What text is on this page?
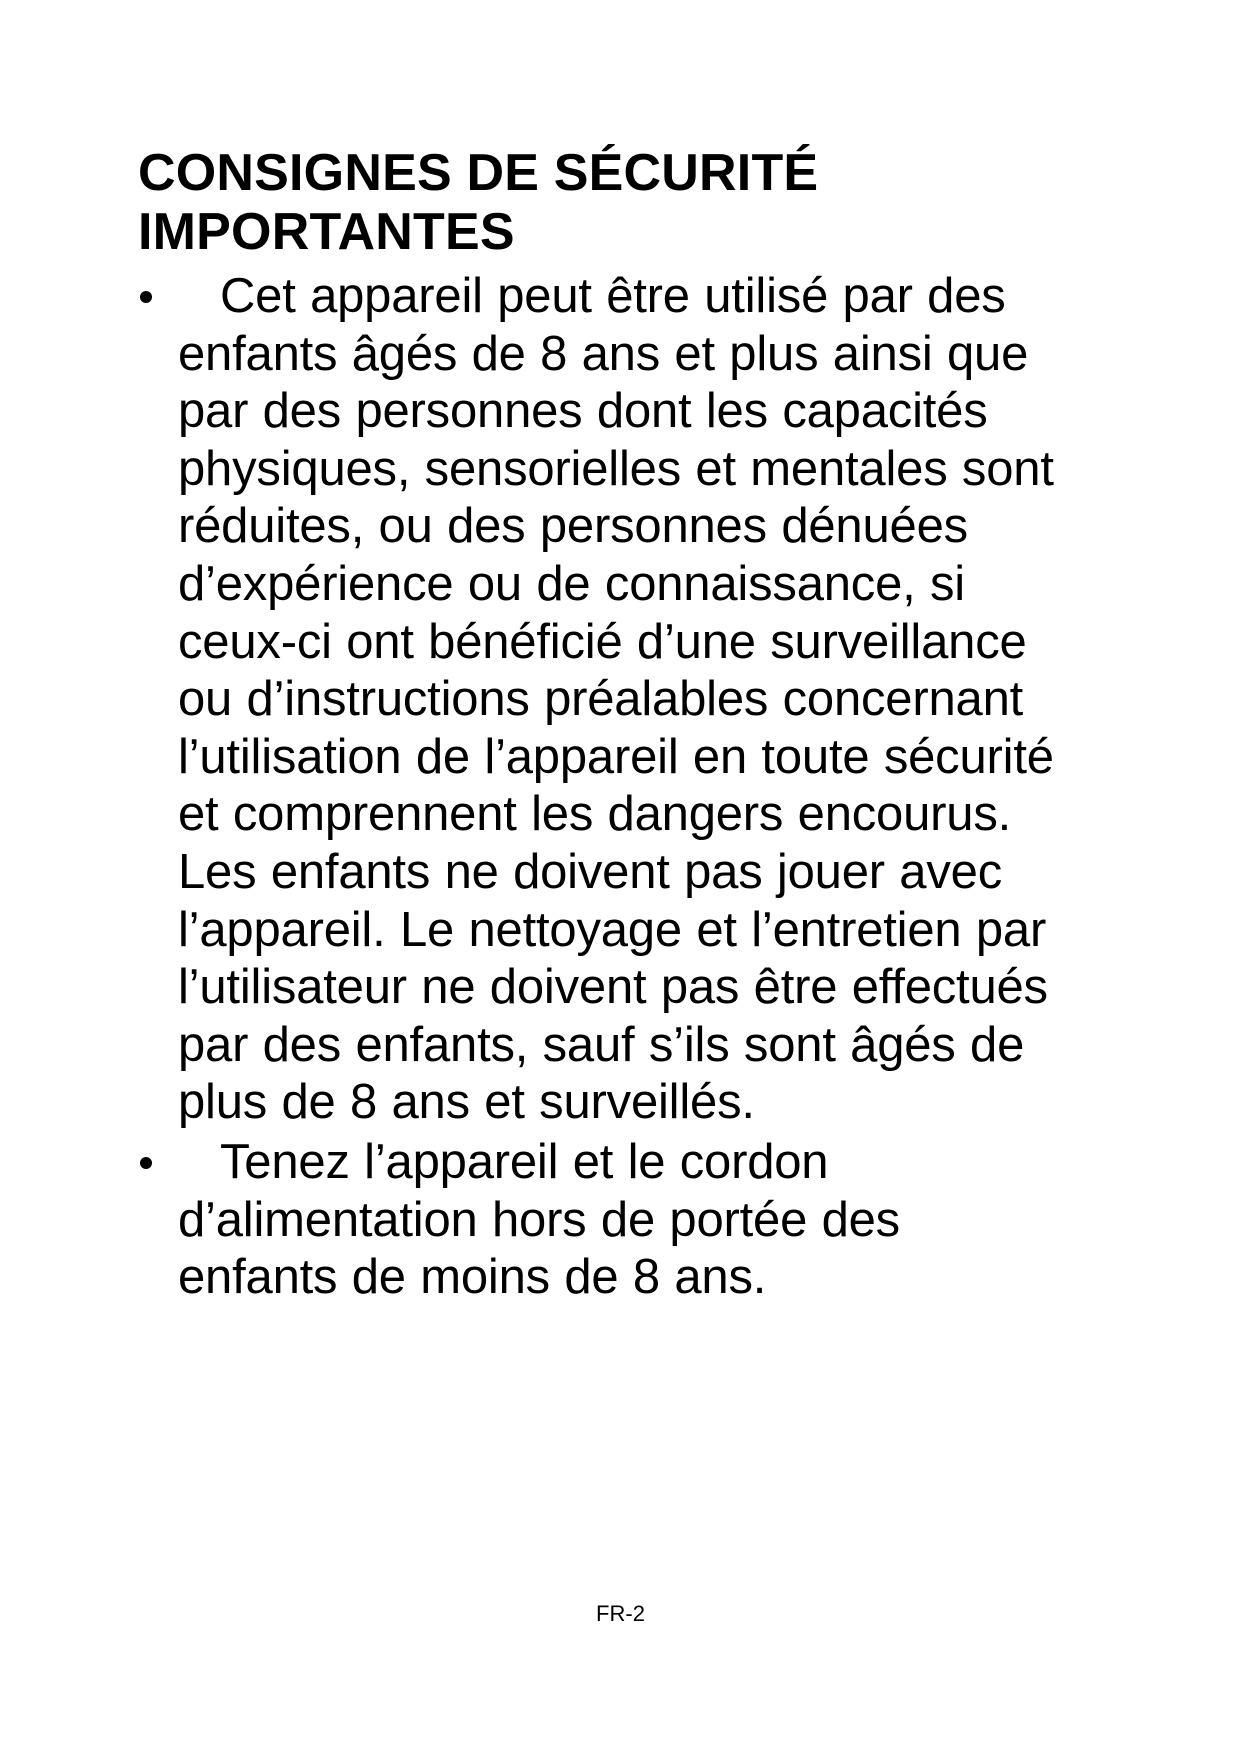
CONSIGNES DE SÉCURITÉ
IMPORTANTES
Cet appareil peut être utilisé par des enfants âgés de 8 ans et plus ainsi que par des personnes dont les capacités physiques, sensorielles et mentales sont réduites, ou des personnes dénuées d’expérience ou de connaissance, si ceux-ci ont bénéficié d’une surveillance ou d’instructions préalables concernant l’utilisation de l’appareil en toute sécurité et comprennent les dangers encourus. Les enfants ne doivent pas jouer avec l’appareil. Le nettoyage et l’entretien par l’utilisateur ne doivent pas être effectués par des enfants, sauf s’ils sont âgés de plus de 8 ans et surveillés.
Tenez l’appareil et le cordon d’alimentation hors de portée des enfants de moins de 8 ans.
FR-2
